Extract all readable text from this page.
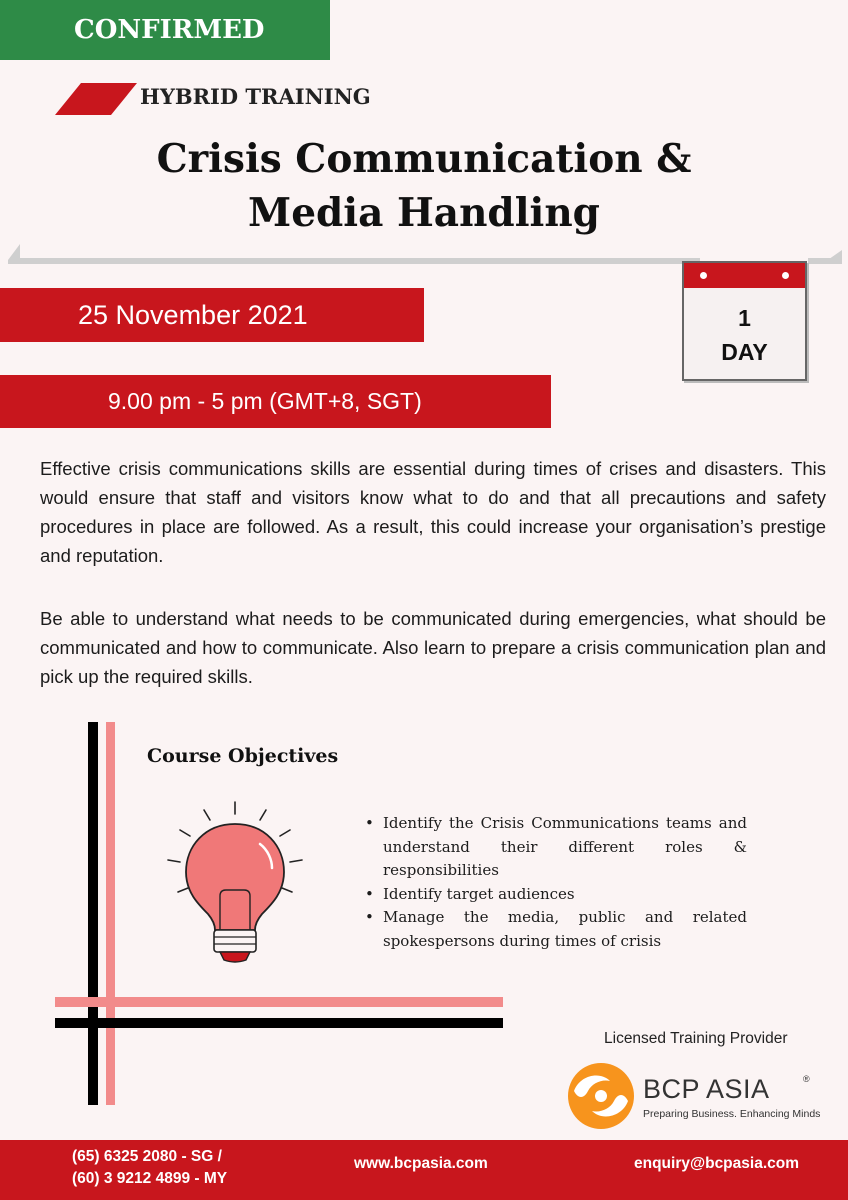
CONFIRMED
HYBRID TRAINING
Crisis Communication &
Media Handling
25 November 2021
9.00 pm - 5 pm (GMT+8, SGT)
1
DAY

Effective crisis communications skills are essential during times of crises and disasters. This would ensure that staff and visitors know what to do and that all precautions and safety procedures in place are followed. As a result, this could increase your organisation’s prestige and reputation.

Be able to understand what needs to be communicated during emergencies, what should be communicated and how to communicate. Also learn to prepare a crisis communication plan and pick up the required skills.

Course Objectives
• Identify the Crisis Communications teams and understand their different roles & responsibilities
• Identify target audiences
• Manage the media, public and related spokespersons during times of crisis
Licensed Training Provider
BCP ASIA	®
Preparing Business. Enhancing Minds
(65) 6325 2080 - SG /
(60) 3 9212 4899 - MY
www.bcpasia.com	enquiry@bcpasia.com
